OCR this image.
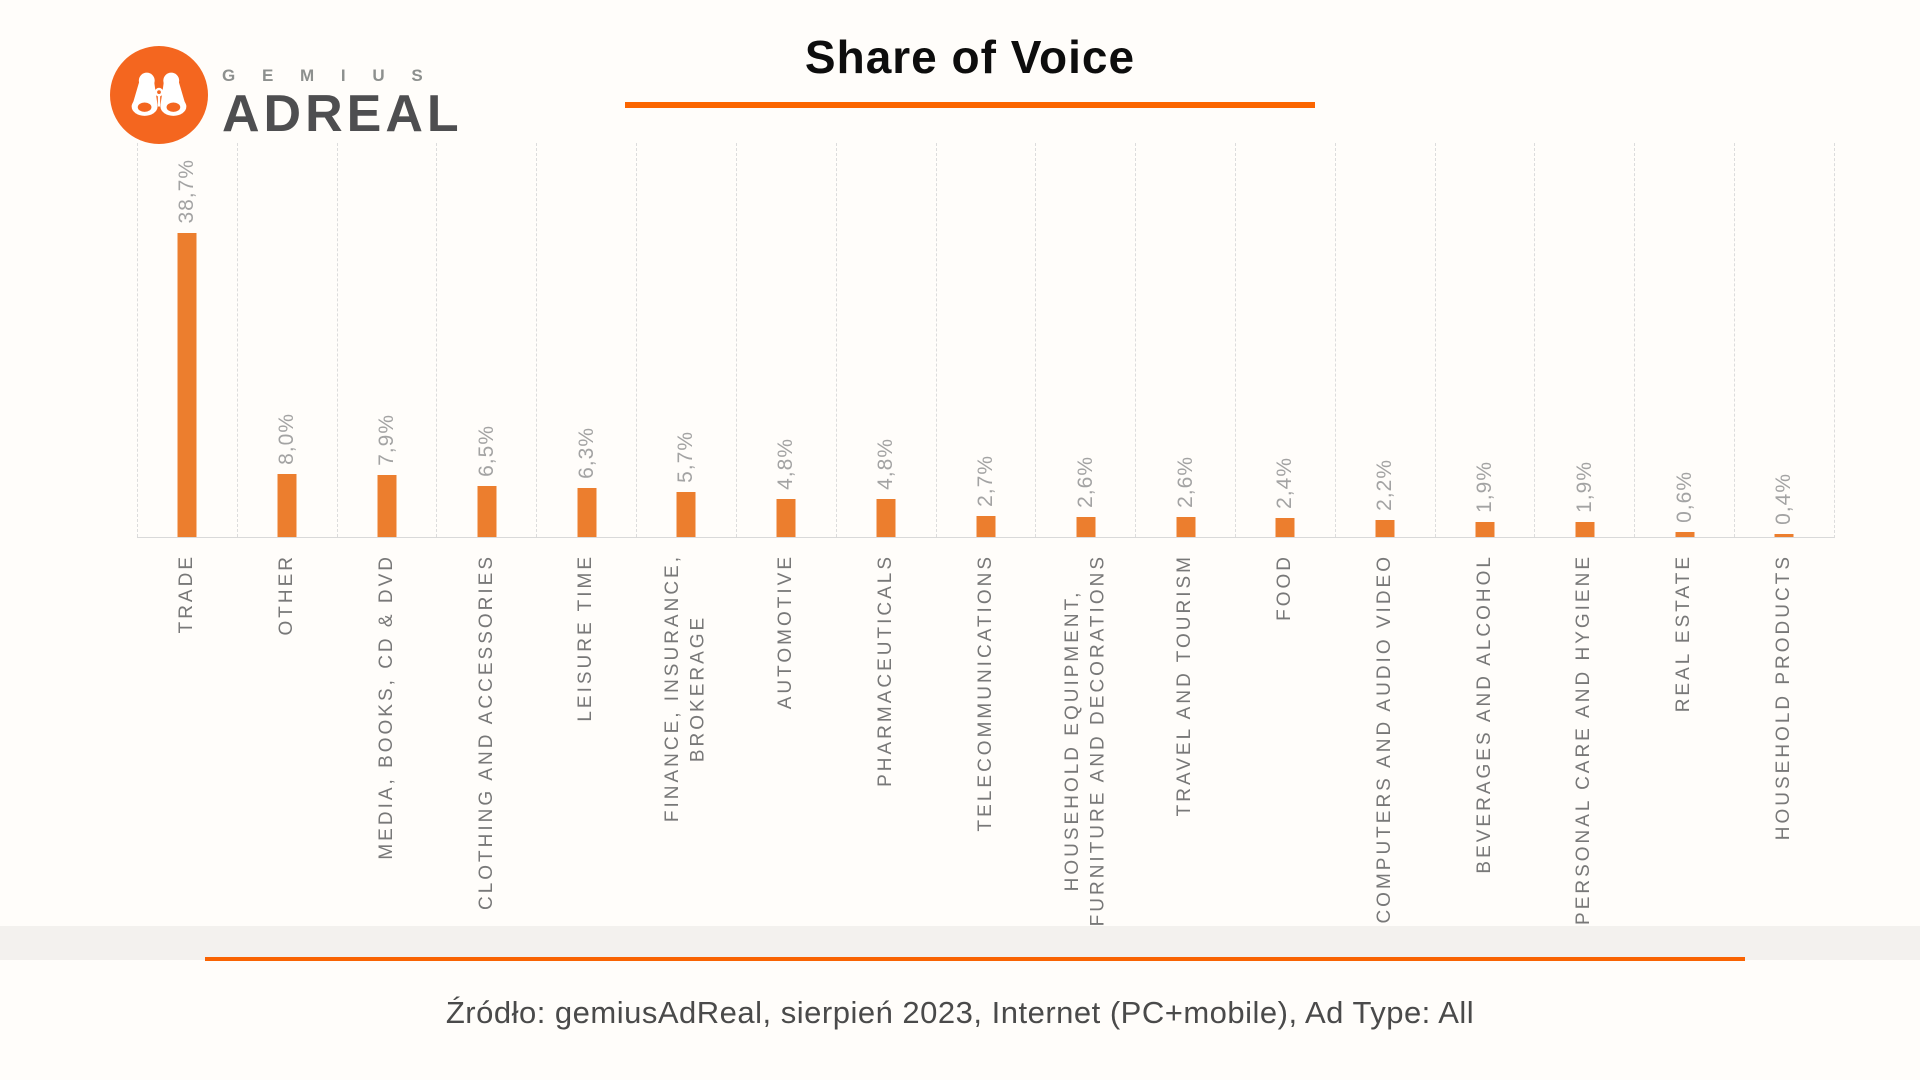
G E M I U S
ADREAL
Share of Voice
38,7%
8,0%	7,9%	6,5%	6,3%	5,7%	4,8%	4,8%	2,7%	2,6%	2,6%	2,4%	2,2%	1,9%	1,9%	0,6%	0,4%
TRADE	OTHER	MEDIA, BOOKS, CD & DVD	CLOTHING AND ACCESSORIES	LEISURE TIME	FINANCE, INSURANCE, BROKERAGE	AUTOMOTIVE	PHARMACEUTICALS	TELECOMMUNICATIONS	HOUSEHOLD EQUIPMENT, FURNITURE AND DECORATIONS	TRAVEL AND TOURISM	FOOD	COMPUTERS AND AUDIO VIDEO	BEVERAGES AND ALCOHOL	PERSONAL CARE AND HYGIENE	REAL ESTATE	HOUSEHOLD PRODUCTS
Źródło: gemiusAdReal, sierpień 2023, Internet (PC+mobile), Ad Type: All
